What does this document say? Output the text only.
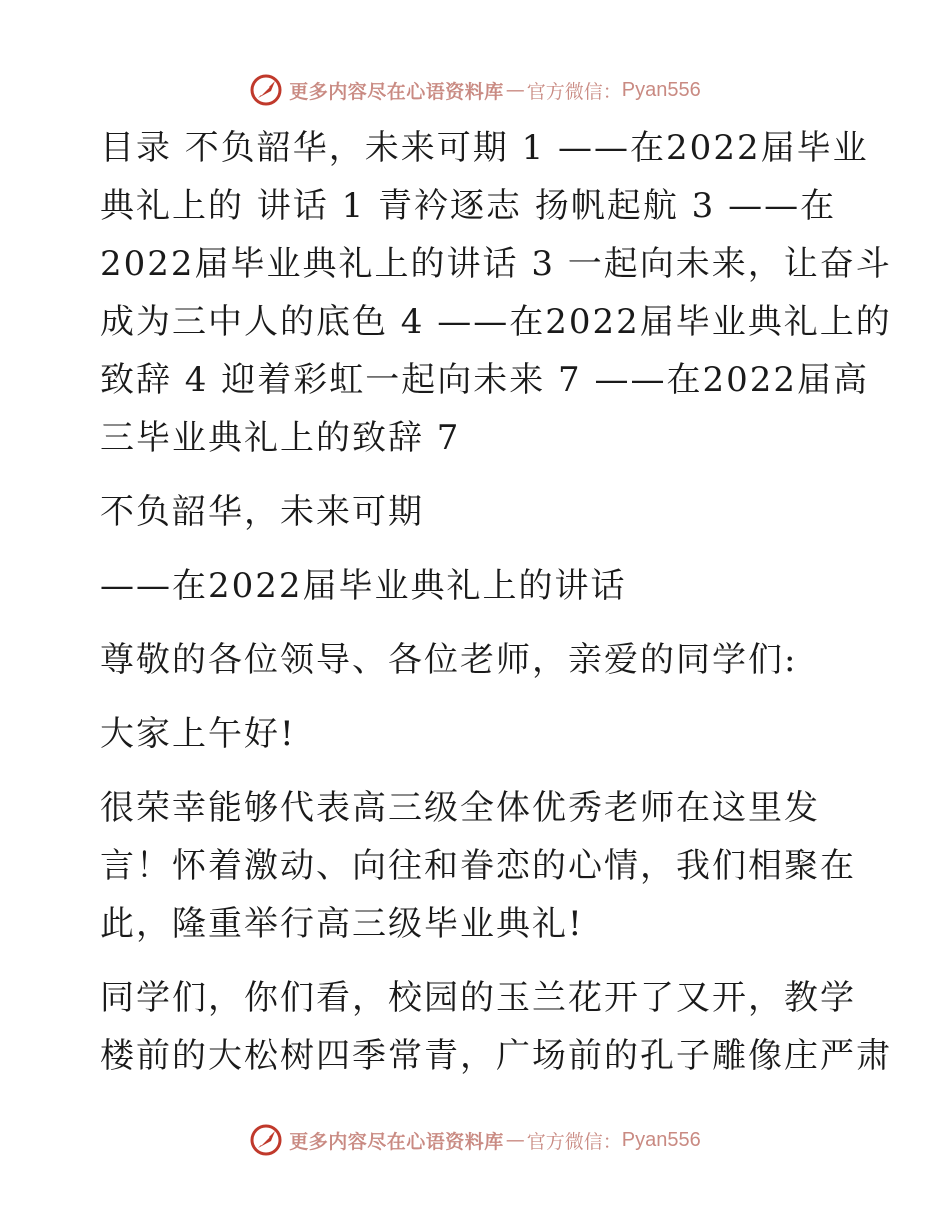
更多内容尽在心语资料库 — 官方微信： Pyan556
目录 不负韶华，未来可期 1 ——在2022届毕业
典礼上的 讲话 1 青衿逐志 扬帆起航 3 ——在
2022届毕业典礼上的讲话 3 一起向未来，让奋斗
成为三中人的底色 4 ——在2022届毕业典礼上的
致辞 4 迎着彩虹一起向未来 7 ——在2022届高
三毕业典礼上的致辞 7
不负韶华，未来可期
——在2022届毕业典礼上的讲话
尊敬的各位领导、各位老师，亲爱的同学们:
大家上午好!
很荣幸能够代表高三级全体优秀老师在这里发
言！怀着激动、向往和眷恋的心情，我们相聚在
此，隆重举行高三级毕业典礼!
同学们，你们看，校园的玉兰花开了又开，教学
楼前的大松树四季常青，广场前的孔子雕像庄严肃
更多内容尽在心语资料库 — 官方微信： Pyan556
